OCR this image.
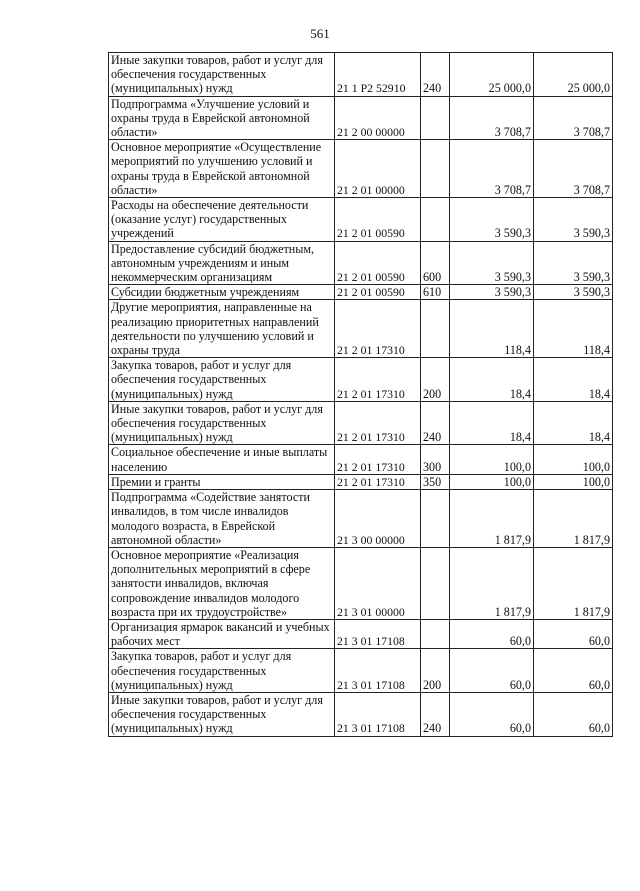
561
Иные закупки товаров, работ и услуг для обеспечения государственных (муниципальных) нужд	21 1 P2 52910	240	25 000,0	25 000,0
Подпрограмма «Улучшение условий и охраны труда в Еврейской автономной области»	21 2 00 00000		3 708,7	3 708,7
Основное мероприятие «Осуществление мероприятий по улучшению условий и охраны труда в Еврейской автономной области»	21 2 01 00000		3 708,7	3 708,7
Расходы на обеспечение деятельности (оказание услуг) государственных учреждений	21 2 01 00590		3 590,3	3 590,3
Предоставление субсидий бюджетным, автономным учреждениям и иным некоммерческим организациям	21 2 01 00590	600	3 590,3	3 590,3
Субсидии бюджетным учреждениям	21 2 01 00590	610	3 590,3	3 590,3
Другие мероприятия, направленные на реализацию приоритетных направлений деятельности по улучшению условий и охраны труда	21 2 01 17310		118,4	118,4
Закупка товаров, работ и услуг для обеспечения государственных (муниципальных) нужд	21 2 01 17310	200	18,4	18,4
Иные закупки товаров, работ и услуг для обеспечения государственных (муниципальных) нужд	21 2 01 17310	240	18,4	18,4
Социальное обеспечение и иные выплаты населению	21 2 01 17310	300	100,0	100,0
Премии и гранты	21 2 01 17310	350	100,0	100,0
Подпрограмма «Содействие занятости инвалидов, в том числе инвалидов молодого возраста, в Еврейской автономной области»	21 3 00 00000		1 817,9	1 817,9
Основное мероприятие «Реализация дополнительных мероприятий в сфере занятости инвалидов, включая сопровождение инвалидов молодого возраста при их трудоустройстве»	21 3 01 00000		1 817,9	1 817,9
Организация ярмарок вакансий и учебных рабочих мест	21 3 01 17108		60,0	60,0
Закупка товаров, работ и услуг для обеспечения государственных (муниципальных) нужд	21 3 01 17108	200	60,0	60,0
Иные закупки товаров, работ и услуг для обеспечения государственных (муниципальных) нужд	21 3 01 17108	240	60,0	60,0
